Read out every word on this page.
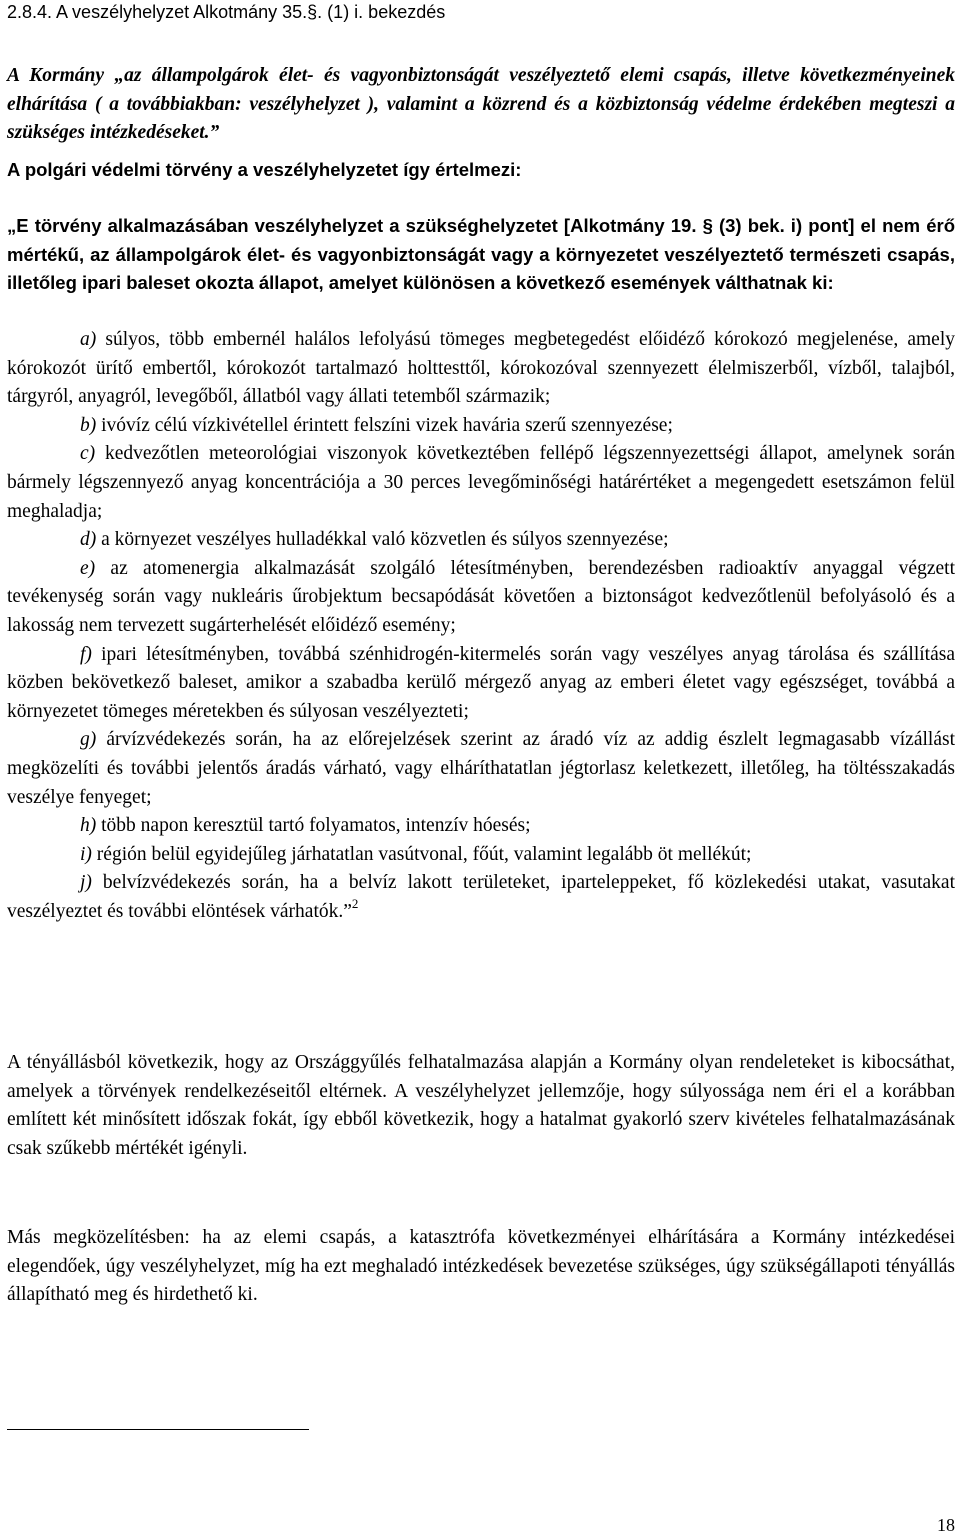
2.8.4. A veszélyhelyzet Alkotmány 35.§. (1) i. bekezdés

A Kormány „az állampolgárok élet- és vagyonbiztonságát veszélyeztető elemi csapás, illetve következményeinek elhárítása ( a továbbiakban: veszélyhelyzet ), valamint a közrend és a közbiztonság védelme érdekében megteszi a szükséges intézkedéseket.”

A polgári védelmi törvény a veszélyhelyzetet így értelmezi:

„E törvény alkalmazásában veszélyhelyzet a szükséghelyzetet [Alkotmány 19. § (3) bek. i) pont] el nem érő mértékű, az állampolgárok élet- és vagyonbiztonságát vagy a környezetet veszélyeztető természeti csapás, illetőleg ipari baleset okozta állapot, amelyet különösen a következő események válthatnak ki:

a) súlyos, több embernél halálos lefolyású tömeges megbetegedést előidéző kórokozó megjelenése, amely kórokozót ürítő embertől, kórokozót tartalmazó holttesttől, kórokozóval szennyezett élelmiszerből, vízből, talajból, tárgyról, anyagról, levegőből, állatból vagy állati tetemből származik;
b) ivóvíz célú vízkivétellel érintett felszíni vizek havária szerű szennyezése;
c) kedvezőtlen meteorológiai viszonyok következtében fellépő légszennyezettségi állapot, amelynek során bármely légszennyező anyag koncentrációja a 30 perces levegőminőségi határértéket a megengedett esetszámon felül meghaladja;
d) a környezet veszélyes hulladékkal való közvetlen és súlyos szennyezése;
e) az atomenergia alkalmazását szolgáló létesítményben, berendezésben radioaktív anyaggal végzett tevékenység során vagy nukleáris űrobjektum becsapódását követően a biztonságot kedvezőtlenül befolyásoló és a lakosság nem tervezett sugárterhelését előidéző esemény;
f) ipari létesítményben, továbbá szénhidrogén-kitermelés során vagy veszélyes anyag tárolása és szállítása közben bekövetkező baleset, amikor a szabadba kerülő mérgező anyag az emberi életet vagy egészséget, továbbá a környezetet tömeges méretekben és súlyosan veszélyezteti;
g) árvízvédekezés során, ha az előrejelzések szerint az áradó víz az addig észlelt legmagasabb vízállást megközelíti és további jelentős áradás várható, vagy elháríthatatlan jégtorlasz keletkezett, illetőleg, ha töltésszakadás veszélye fenyeget;
h) több napon keresztül tartó folyamatos, intenzív hóesés;
i) régión belül egyidejűleg járhatatlan vasútvonal, főút, valamint legalább öt mellékút;
j) belvízvédekezés során, ha a belvíz lakott területeket, iparteleppeket, fő közlekedési utakat, vasutakat veszélyeztet és további elöntések várhatók.”$^2$

A tényállásból következik, hogy az Országgyűlés felhatalmazása alapján a Kormány olyan rendeleteket is kibocsáthat, amelyek a törvények rendelkezéseitől eltérnek. A veszélyhelyzet jellemzője, hogy súlyossága nem éri el a korábban említett két minősített időszak fokát, így ebből következik, hogy a hatalmat gyakorló szerv kivételes felhatalmazásának csak szűkebb mértékét igényli.

Más megközelítésben: ha az elemi csapás, a katasztrófa következményei elhárítására a Kormány intézkedései elegendőek, úgy veszélyhelyzet, míg ha ezt meghaladó intézkedések bevezetése szükséges, úgy szükségállapoti tényállás állapítható meg és hirdethető ki.

18
